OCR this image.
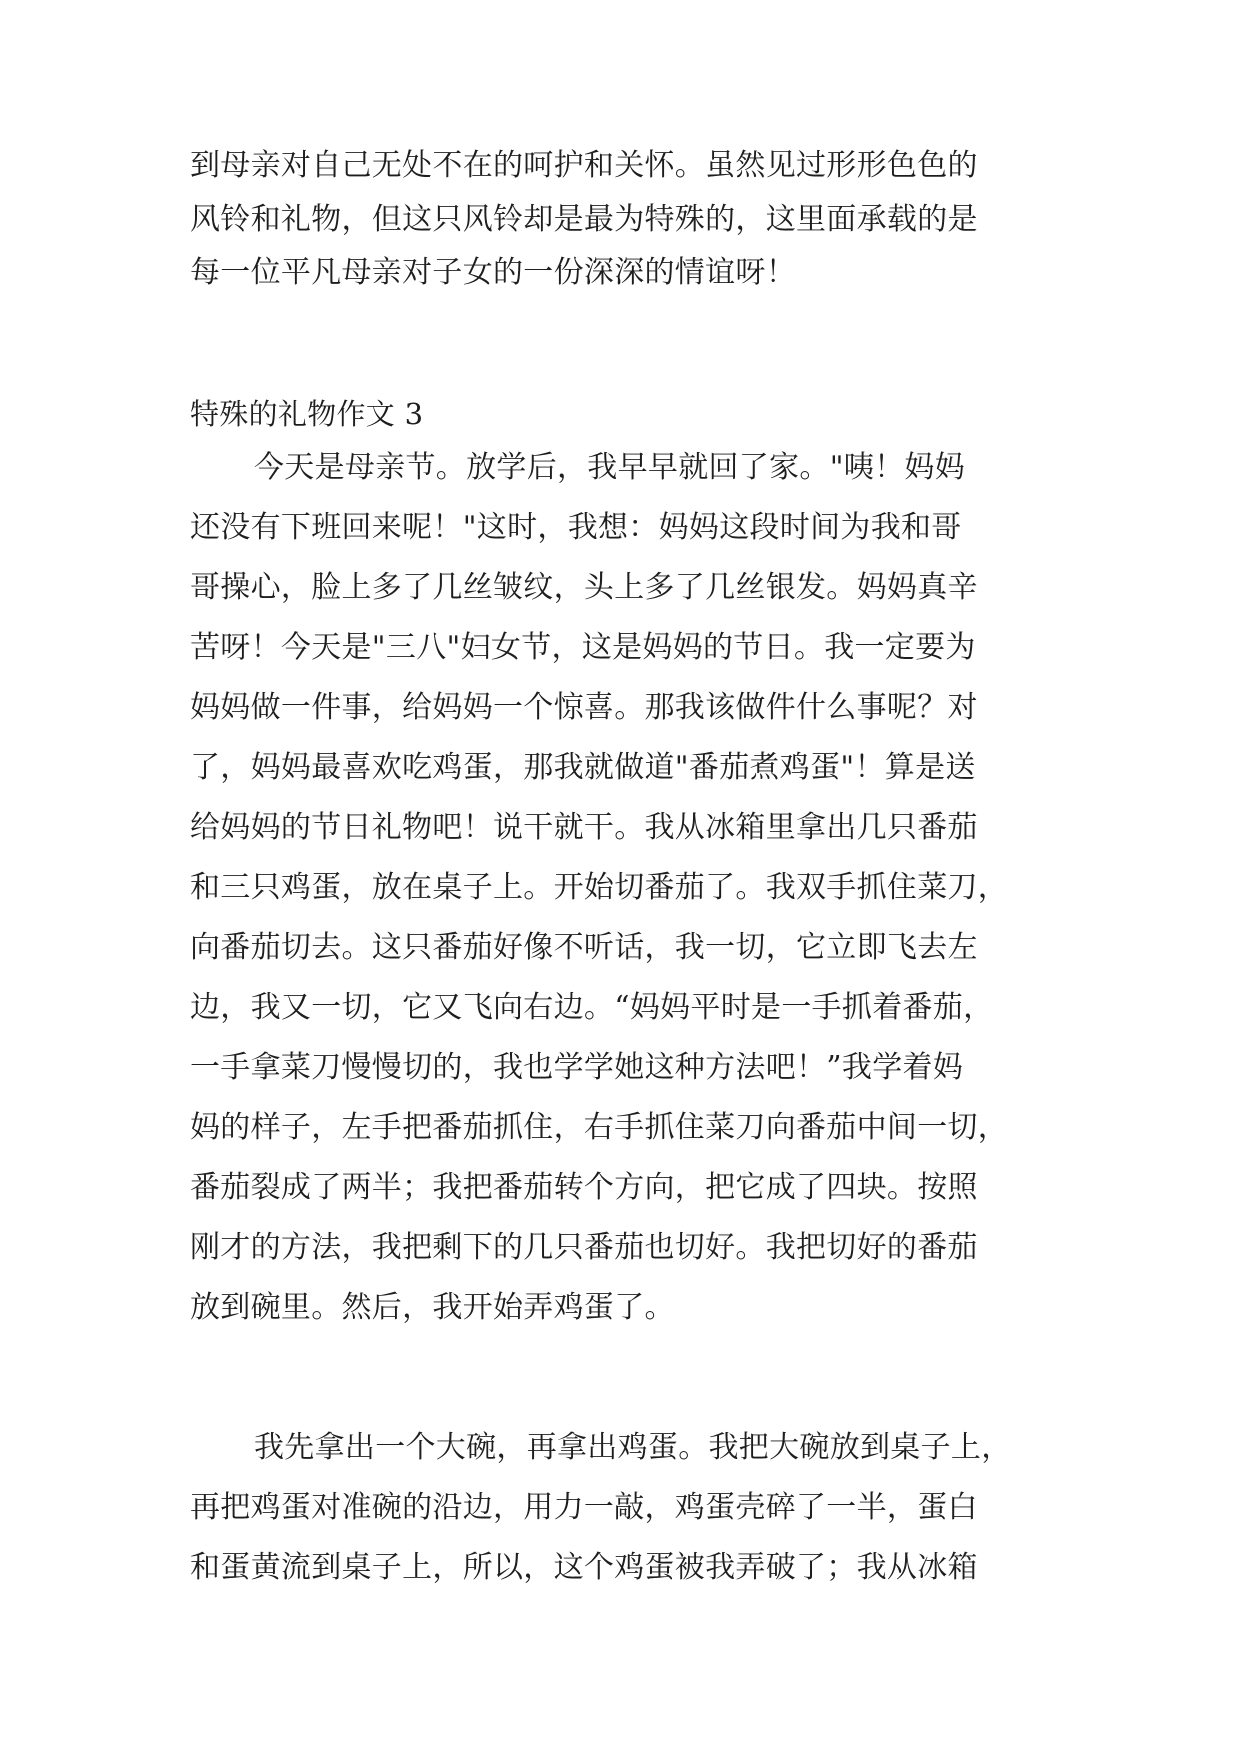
到母亲对自己无处不在的呵护和关怀。虽然见过形形色色的

风铃和礼物，但这只风铃却是最为特殊的，这里面承载的是

每一位平凡母亲对子女的一份深深的情谊呀！

特殊的礼物作文 3

今天是母亲节。放学后，我早早就回了家。"咦！妈妈

还没有下班回来呢！"这时，我想：妈妈这段时间为我和哥

哥操心，脸上多了几丝皱纹，头上多了几丝银发。妈妈真辛

苦呀！今天是"三八"妇女节，这是妈妈的节日。我一定要为

妈妈做一件事，给妈妈一个惊喜。那我该做件什么事呢？对

了，妈妈最喜欢吃鸡蛋，那我就做道"番茄煮鸡蛋"！算是送

给妈妈的节日礼物吧！说干就干。我从冰箱里拿出几只番茄

和三只鸡蛋，放在桌子上。开始切番茄了。我双手抓住菜刀，

向番茄切去。这只番茄好像不听话，我一切，它立即飞去左

边，我又一切，它又飞向右边。“妈妈平时是一手抓着番茄，

一手拿菜刀慢慢切的，我也学学她这种方法吧！”我学着妈

妈的样子，左手把番茄抓住，右手抓住菜刀向番茄中间一切，

番茄裂成了两半；我把番茄转个方向，把它成了四块。按照

刚才的方法，我把剩下的几只番茄也切好。我把切好的番茄

放到碗里。然后，我开始弄鸡蛋了。

我先拿出一个大碗，再拿出鸡蛋。我把大碗放到桌子上，

再把鸡蛋对准碗的沿边，用力一敲，鸡蛋壳碎了一半，蛋白

和蛋黄流到桌子上，所以，这个鸡蛋被我弄破了；我从冰箱
